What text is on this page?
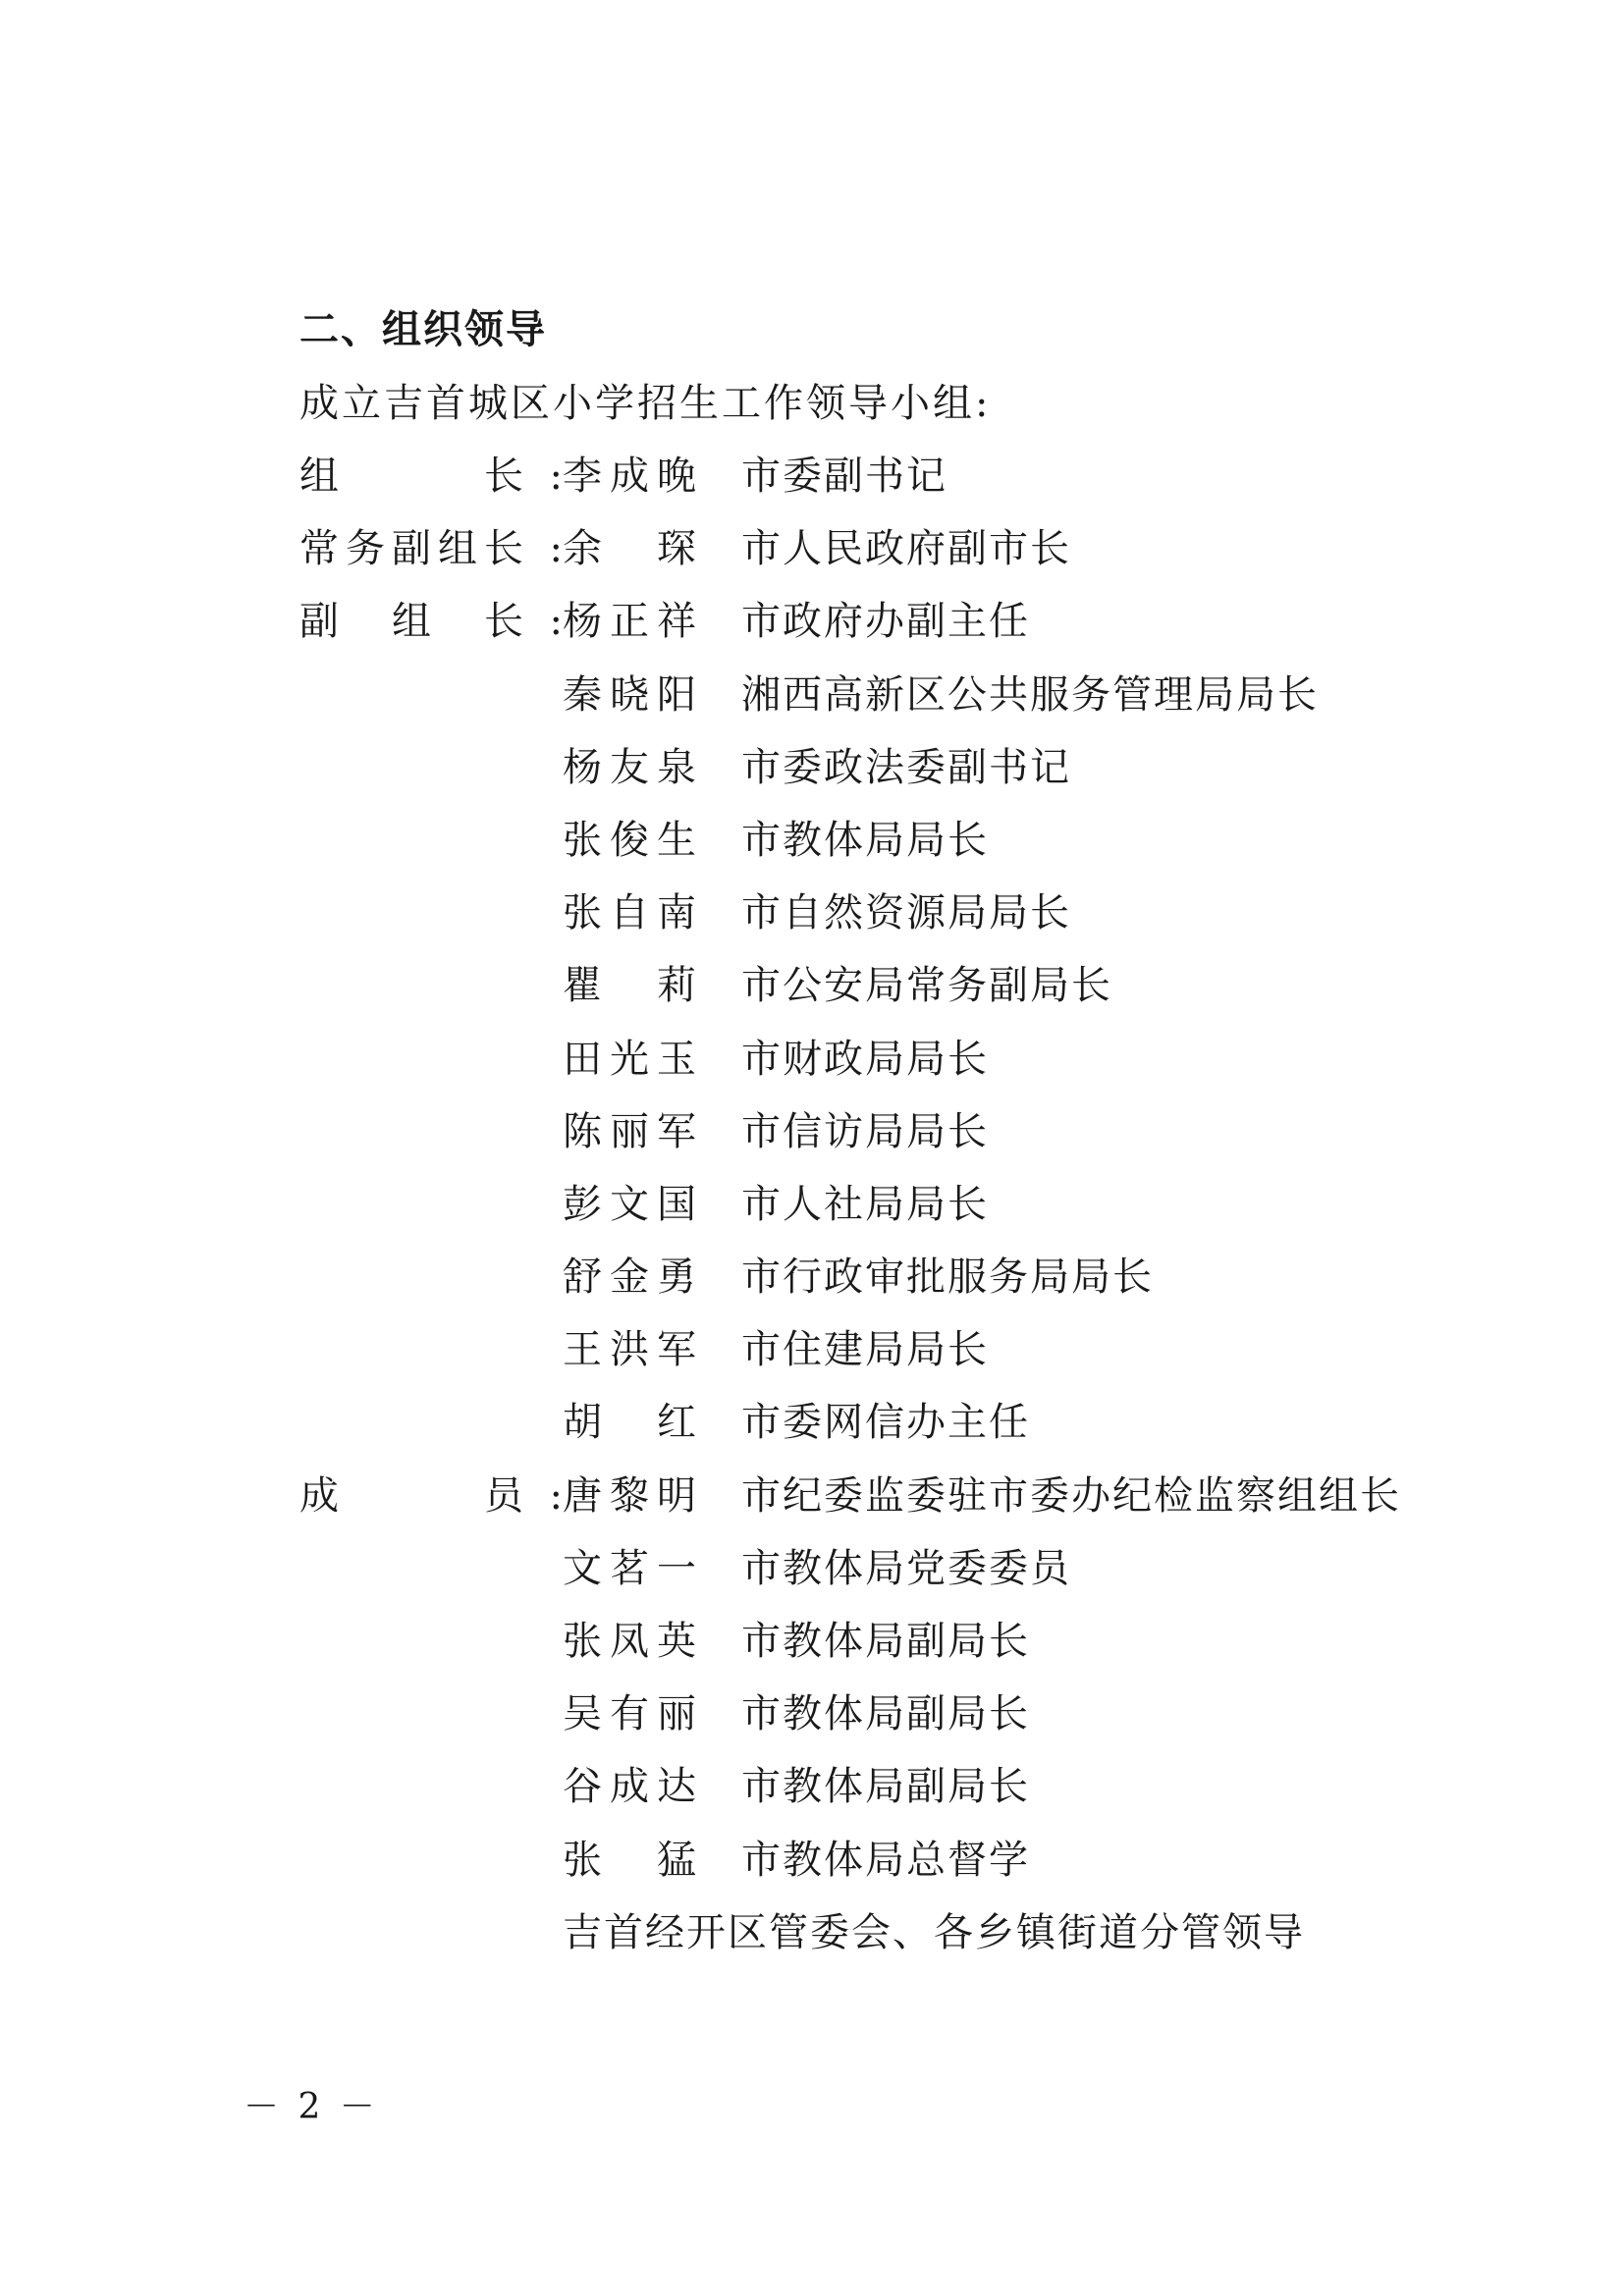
二、组织领导
成立吉首城区小学招生工作领导小组:
组	长 : 李 成 晚 市委副书记
常 务 副 组 长 : 余 琛 市人民政府副市长
副 组 长 : 杨 正 祥 市政府办副主任
秦 晓 阳 湘西高新区公共服务管理局局长
杨 友 泉 市委政法委副书记
张 俊 生 市教体局局长
张 自 南 市自然资源局局长
瞿 莉 市公安局常务副局长
田 光 玉 市财政局局长
陈 丽 军 市信访局局长
彭 文 国 市人社局局长
舒 金 勇 市行政审批服务局局长
王 洪 军 市住建局局长
胡 红 市委网信办主任
成	员 : 唐 黎 明 市纪委监委驻市委办纪检监察组组长
文 茗 一 市教体局党委委员
张 凤 英 市教体局副局长
吴 有 丽 市教体局副局长
谷 成 达 市教体局副局长
张 猛 市教体局总督学
吉首经开区管委会、各乡镇街道分管领导
－ 2 －
